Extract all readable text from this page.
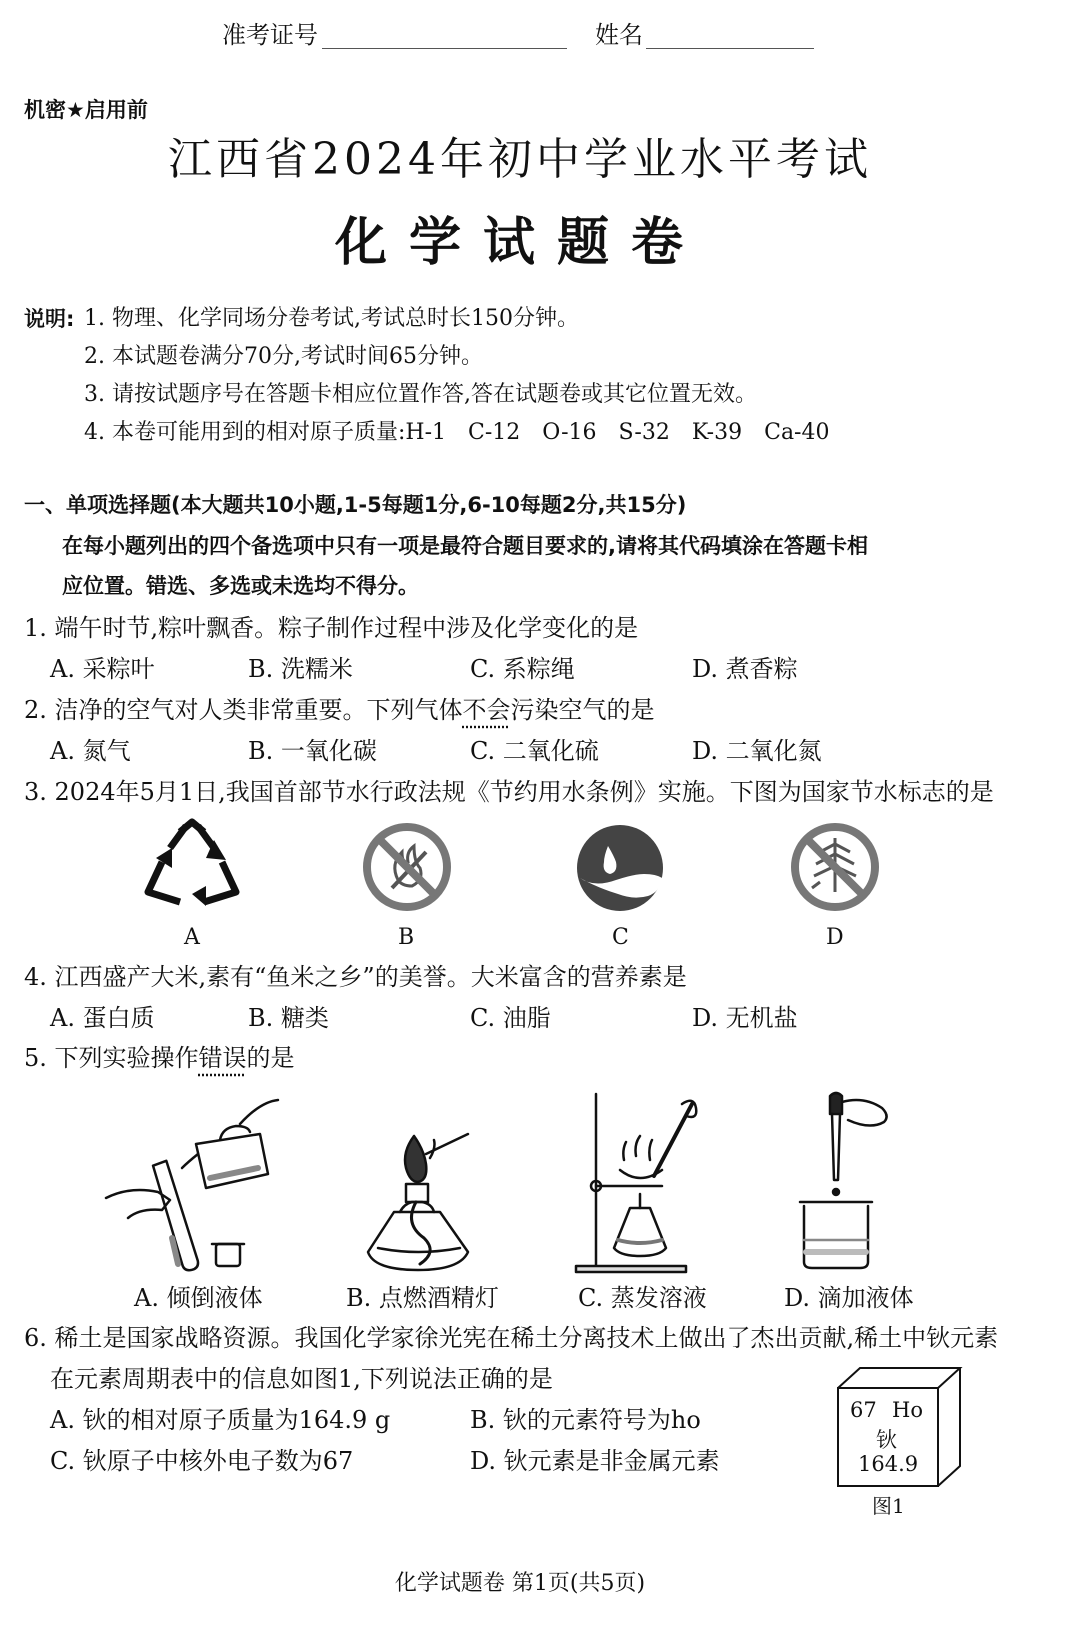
准考证号	姓名
机密★启用前
江西省2024年初中学业水平考试
化学试题卷
说明: 1. 物理、化学同场分卷考试,考试总时长150分钟。
2. 本试题卷满分70分,考试时间65分钟。
3. 请按试题序号在答题卡相应位置作答,答在试题卷或其它位置无效。
4. 本卷可能用到的相对原子质量:H-1　C-12　O-16　S-32　K-39　Ca-40
一、单项选择题(本大题共10小题,1-5每题1分,6-10每题2分,共15分)
在每小题列出的四个备选项中只有一项是最符合题目要求的,请将其代码填涂在答题卡相
应位置。错选、多选或未选均不得分。
1. 端午时节,粽叶飘香。粽子制作过程中涉及化学变化的是
A. 采粽叶	B. 洗糯米	C. 系粽绳	D. 煮香粽
2. 洁净的空气对人类非常重要。下列气体不会污染空气的是
A. 氮气	B. 一氧化碳	C. 二氧化硫	D. 二氧化氮
3. 2024年5月1日,我国首部节水行政法规《节约用水条例》实施。下图为国家节水标志的是
A	B	C	D
4. 江西盛产大米,素有“鱼米之乡”的美誉。大米富含的营养素是
A. 蛋白质	B. 糖类	C. 油脂	D. 无机盐
5. 下列实验操作错误的是
A. 倾倒液体	B. 点燃酒精灯	C. 蒸发溶液	D. 滴加液体
6. 稀土是国家战略资源。我国化学家徐光宪在稀土分离技术上做出了杰出贡献,稀土中钬元素
在元素周期表中的信息如图1,下列说法正确的是
A. 钬的相对原子质量为164.9 g	B. 钬的元素符号为ho
C. 钬原子中核外电子数为67	D. 钬元素是非金属元素
67 Ho
钬
164.9
图1
化学试题卷 第1页(共5页)
